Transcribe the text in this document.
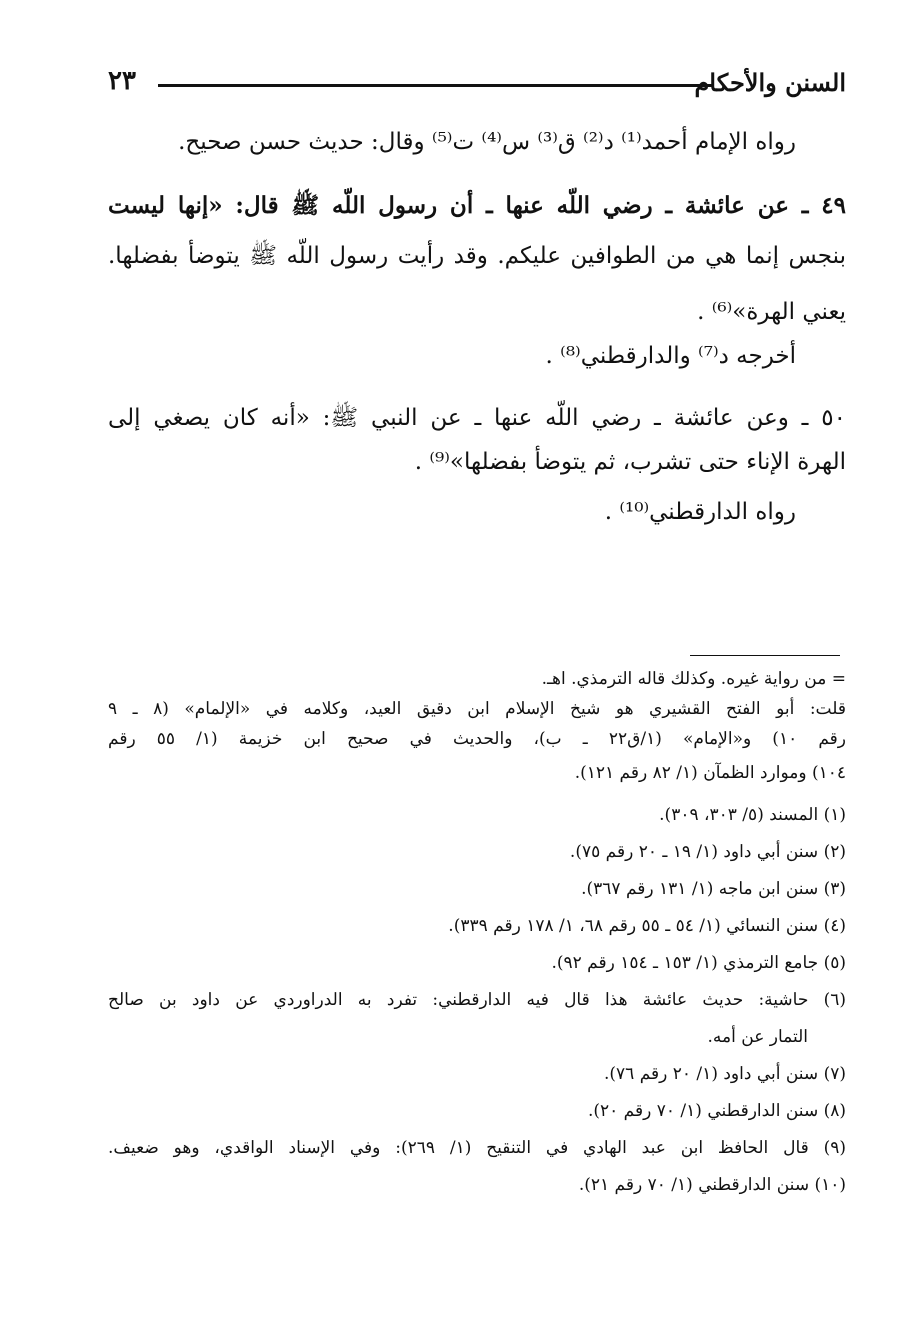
السنن والأحكام
٢٣
رواه الإمام أحمد⁽¹⁾ د⁽²⁾ ق⁽³⁾ س⁽⁴⁾ ت⁽⁵⁾ وقال: حديث حسن صحيح.
٤٩ ـ عن عائشة ـ رضي اللّه عنها ـ أن رسول اللّه ﷺ قال: «إنها ليست
بنجس إنما هي من الطوافين عليكم. وقد رأيت رسول اللّه ﷺ يتوضأ بفضلها.
يعني الهرة»⁽⁶⁾ .
أخرجه د⁽⁷⁾ والدارقطني⁽⁸⁾ .
٥٠ ـ وعن عائشة ـ رضي اللّه عنها ـ عن النبي ﷺ: «أنه كان يصغي إلى
الهرة الإناء حتى تشرب، ثم يتوضأ بفضلها»⁽⁹⁾ .
رواه الدارقطني⁽¹⁰⁾ .
= من رواية غيره. وكذلك قاله الترمذي. اهـ.
قلت: أبو الفتح القشيري هو شيخ الإسلام ابن دقيق العيد، وكلامه في «الإلمام» (٨ ـ ٩
رقم ١٠) و«الإمام» (١/ق٢٢ ـ ب)، والحديث في صحيح ابن خزيمة (١/ ٥٥ رقم
١٠٤) وموارد الظمآن (١/ ٨٢ رقم ١٢١).
(١) المسند (٥/ ٣٠٣، ٣٠٩).
(٢) سنن أبي داود (١/ ١٩ ـ ٢٠ رقم ٧٥).
(٣) سنن ابن ماجه (١/ ١٣١ رقم ٣٦٧).
(٤) سنن النسائي (١/ ٥٤ ـ ٥٥ رقم ٦٨، ١/ ١٧٨ رقم ٣٣٩).
(٥) جامع الترمذي (١/ ١٥٣ ـ ١٥٤ رقم ٩٢).
(٦) حاشية: حديث عائشة هذا قال فيه الدارقطني: تفرد به الدراوردي عن داود بن صالح
التمار عن أمه.
(٧) سنن أبي داود (١/ ٢٠ رقم ٧٦).
(٨) سنن الدارقطني (١/ ٧٠ رقم ٢٠).
(٩) قال الحافظ ابن عبد الهادي في التنقيح (١/ ٢٦٩): وفي الإسناد الواقدي، وهو ضعيف.
(١٠) سنن الدارقطني (١/ ٧٠ رقم ٢١).
